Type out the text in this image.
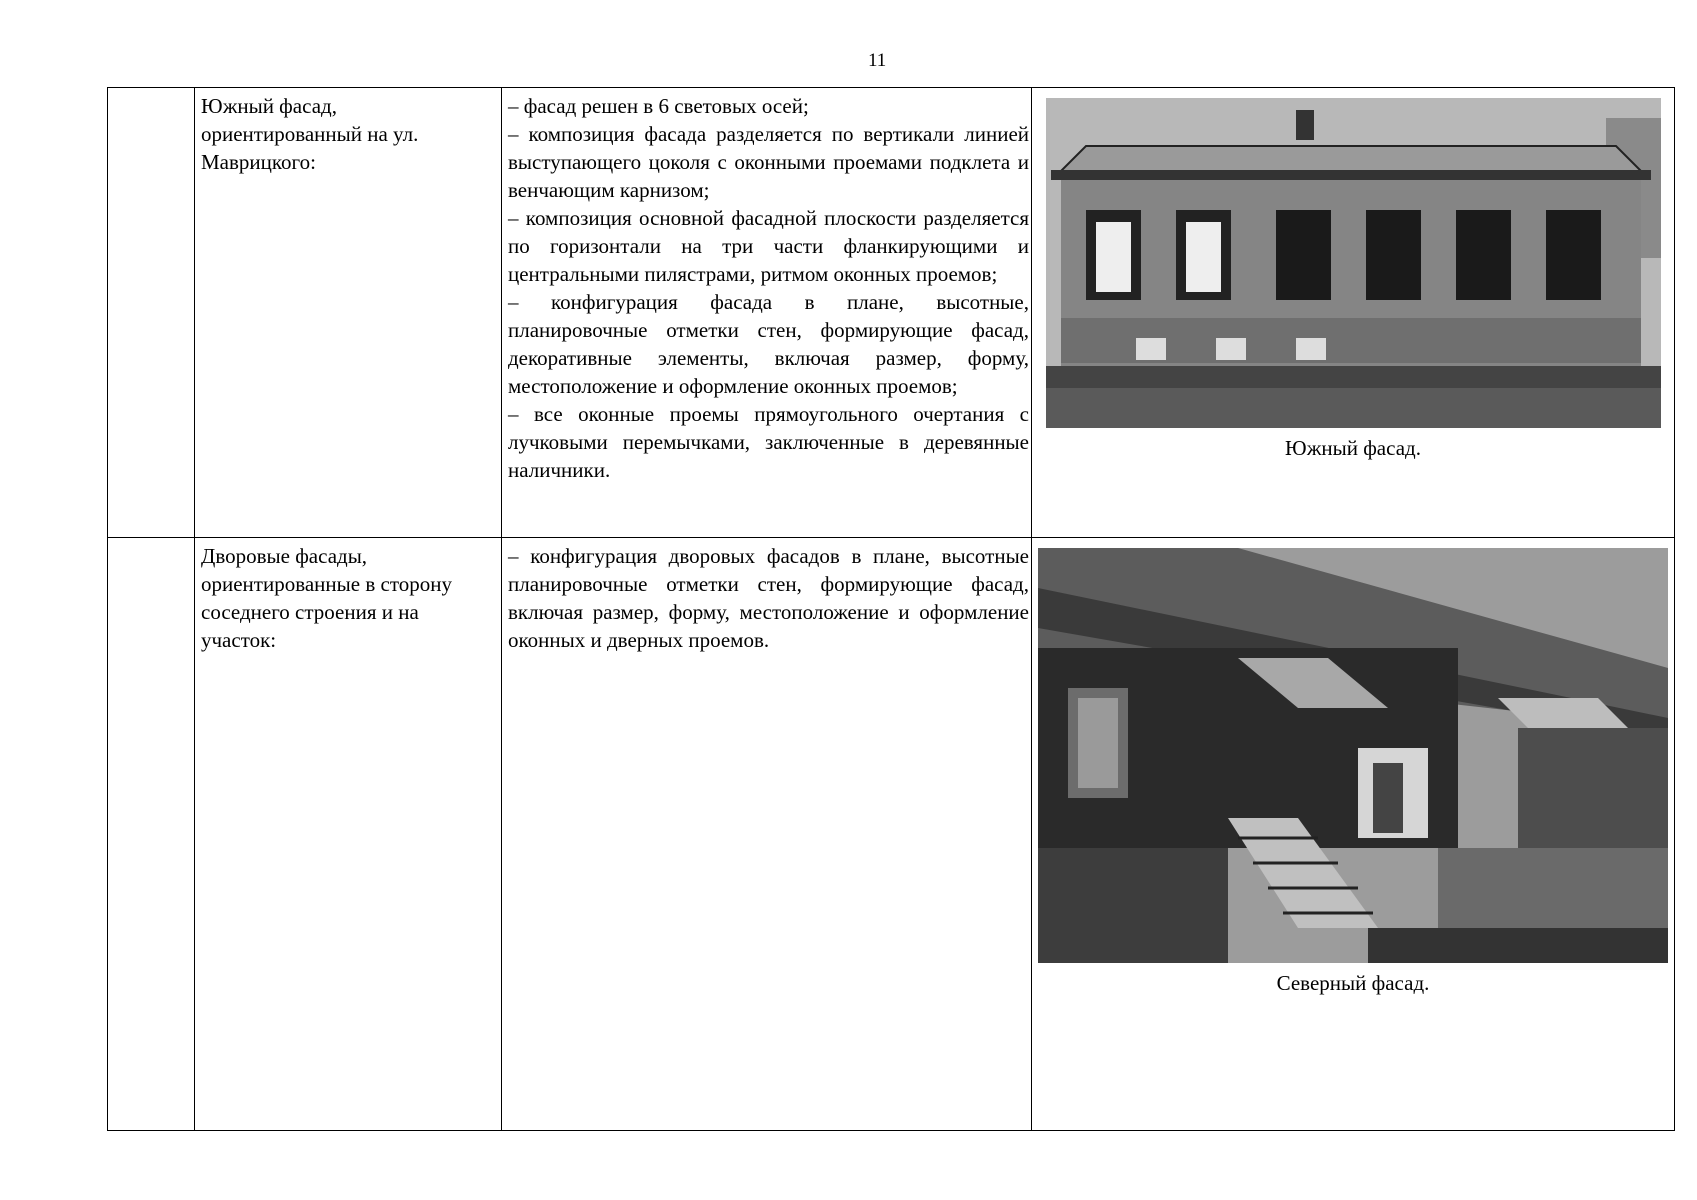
11
	Южный фасад, ориентированный на ул. Маврицкого:	– фасад решен в 6 световых осей;

– композиция фасада разделяется по вертикали линией выступающего цоколя с оконными проемами подклета и венчающим карнизом;

– композиция основной фасадной плоскости разделяется по горизонтали на три части фланкирующими и центральными пилястрами, ритмом оконных проемов;

– конфигурация фасада в плане, высотные, планировочные отметки стен, формирующие фасад, декоративные элементы, включая размер, форму, местоположение и оформление оконных проемов;

– все оконные проемы прямоугольного очертания с лучковыми перемычками, заключенные в деревянные наличники.	Южный фасад.

	Дворовые фасады, ориентированные в сторону соседнего строения и на участок:	– конфигурация дворовых фасадов в плане, высотные планировочные отметки стен, формирующие фасад, включая размер, форму, местоположение и оформление оконных и дверных проемов.	Северный фасад.
